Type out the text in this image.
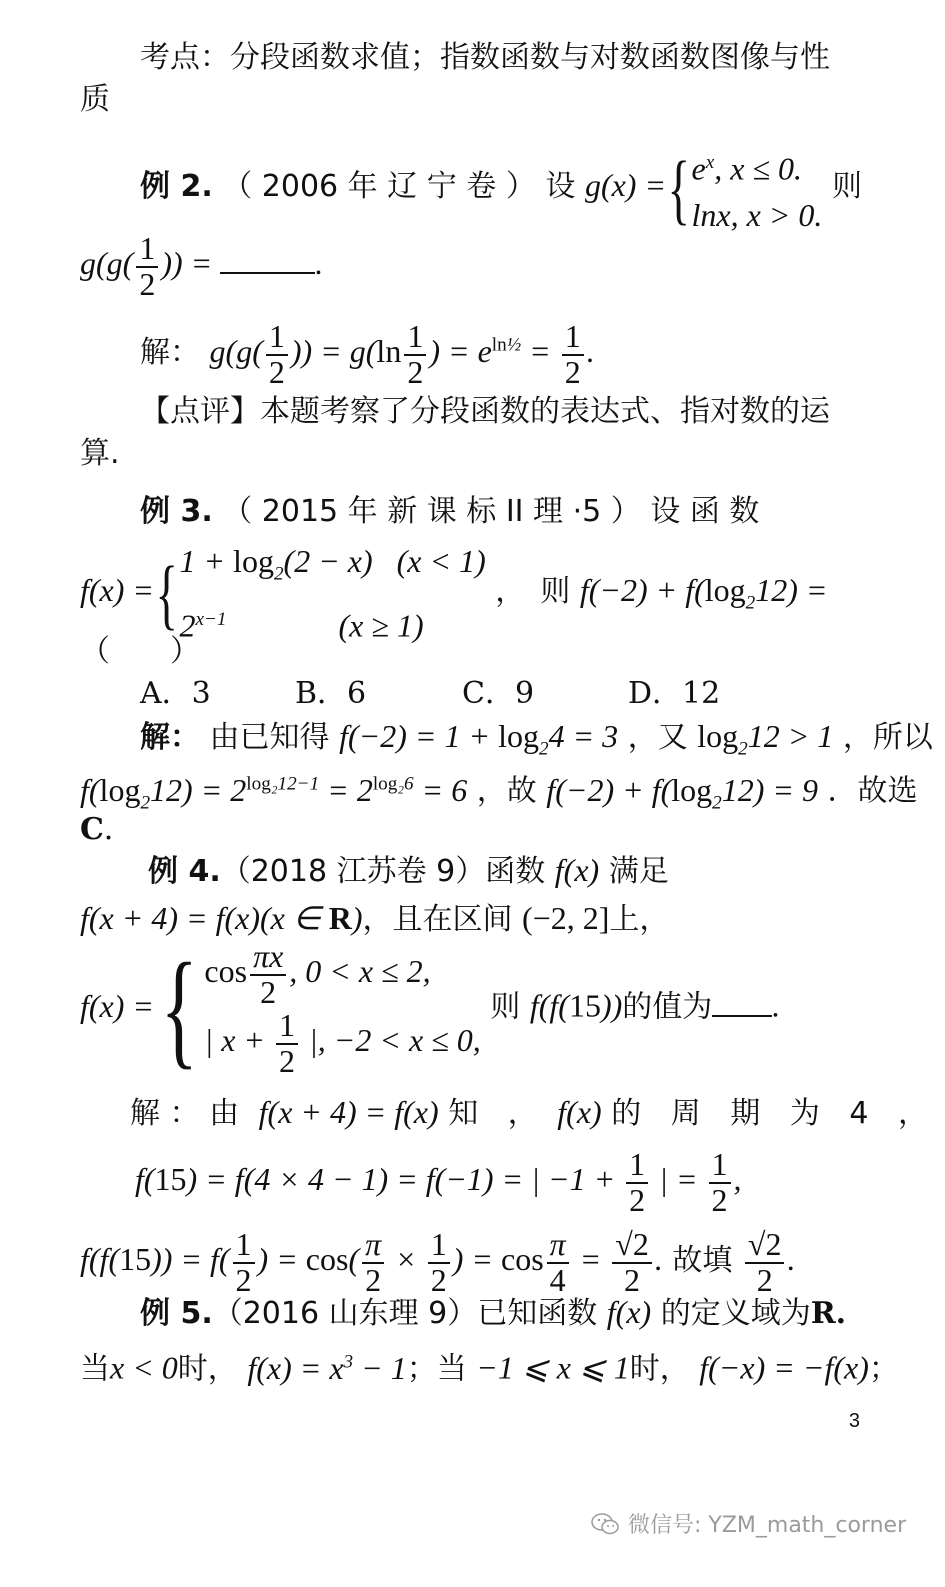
考点：分段函数求值；指数函数与对数函数图像与性
质
例 2. （ 2006 年 辽 宁 卷 ） 设 g(x) ={ $e^x$, x ≤ 0.
lnx, x > 0.
则
$g(g( \frac{1}{2}$ )) =	.
解： $g(g( \frac{1}{2}$ )) = $g(\ln \frac{1}{2}$ ) = $e^{ln\frac{1}{2}} = \frac{1}{2}$ .
【点评】本题考察了分段函数的表达式、指对数的运
算.
例 3. （ 2015 年 新 课 标 II 理 ·5 ） 设 函 数
f(x) ={ $1 + \log_2(2 - x) (x < 1)$
$2^{x-1}$              (x ≥ 1)
，　则 $f(-2) + f(\log_212)$ =
（　　）
A．3	B．6	C．9	D．12
解： 由已知得 $f(-2) = 1 + \log_24 = 3$ ，又 $\log_212 > 1$ ，所以
$f(\log_212) = 2^{log_212-1} = 2^{log_26} = 6$ ，故 $f(-2) + f(\log_212) = 9$ ．故选
C．
例 4.（2018 江苏卷 9）函数 f(x) 满足
f(x + 4) = f(x)(x ∈ R)，且在区间 (−2, 2]上，
f(x) ={ $\cos \frac{\pi x}{2}$ , 0 < x ≤ 2,
| $x + \frac{1}{2}$ |, −2 < x ≤ 0,
则 f(f(15))的值为 .
解 ： 由 f(x + 4) = f(x) 知 ， f(x) 的 周 期 为 4 ，
f(15) = f(4 × 4 − 1) = f(−1) = | $-1 + \frac{1}{2}$ | = $\frac{1}{2}$ ,
$f(f(15)) = f( \frac{1}{2}$ ) = $\cos( \frac{\pi}{2} \times \frac{1}{2}$ ) = $\cos \frac{\pi}{4} = \frac{√2}{2}$ . 故填 $\frac{√2}{2}$ .
例 5.（2016 山东理 9）已知函数 f(x) 的定义域为R.
当x < 0时， $f(x) = x^3 - 1$；当 −1 ⩽ x ⩽ 1时， f(−x) = −f(x)；
3
微信号: YZM_math_corner
